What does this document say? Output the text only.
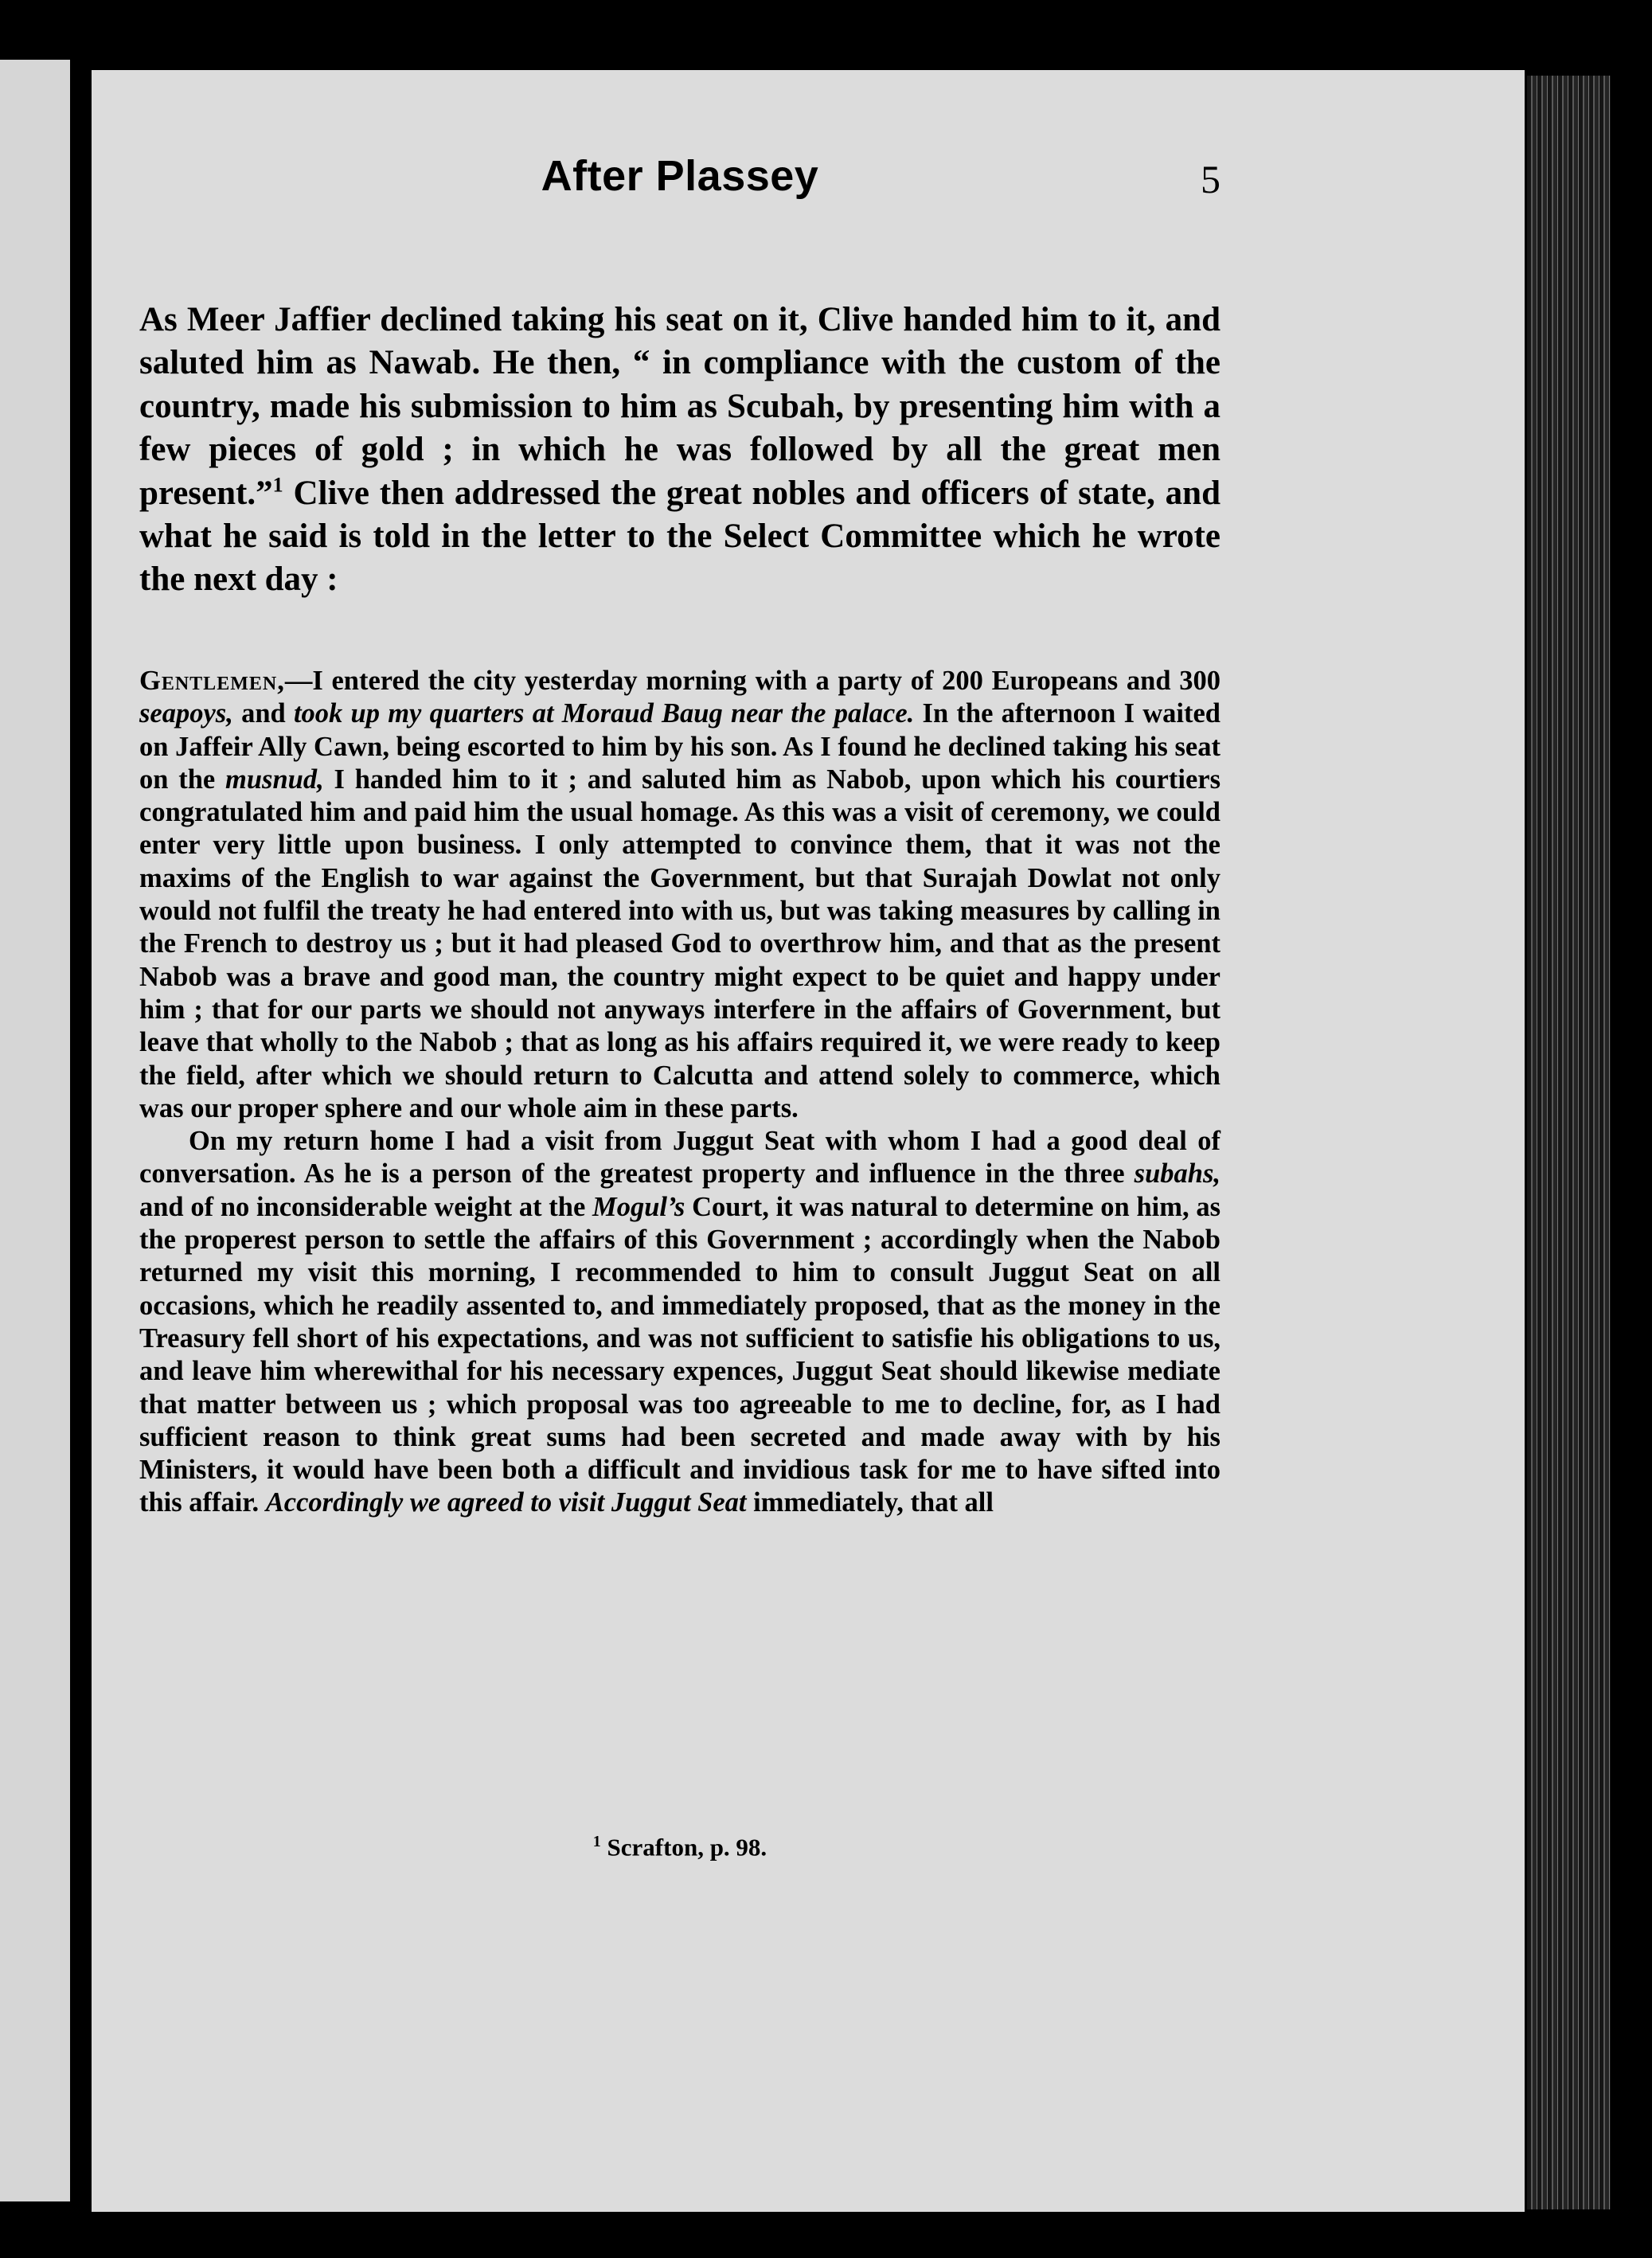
After Plassey	5

As Meer Jaffier declined taking his seat on it, Clive handed him to it, and saluted him as Nawab. He then, “ in compliance with the custom of the country, made his submission to him as Scubah, by presenting him with a few pieces of gold ; in which he was followed by all the great men present.”$^1$ Clive then addressed the great nobles and officers of state, and what he said is told in the letter to the Select Committee which he wrote the next day :

Gentlemen,—I entered the city yesterday morning with a party of 200 Europeans and 300 seapoys, and took up my quarters at Moraud Baug near the palace. In the afternoon I waited on Jaffeir Ally Cawn, being escorted to him by his son. As I found he declined taking his seat on the musnud, I handed him to it ; and saluted him as Nabob, upon which his courtiers congratulated him and paid him the usual homage. As this was a visit of ceremony, we could enter very little upon business. I only attempted to convince them, that it was not the maxims of the English to war against the Government, but that Surajah Dowlat not only would not fulfil the treaty he had entered into with us, but was taking measures by calling in the French to destroy us ; but it had pleased God to overthrow him, and that as the present Nabob was a brave and good man, the country might expect to be quiet and happy under him ; that for our parts we should not anyways interfere in the affairs of Government, but leave that wholly to the Nabob ; that as long as his affairs required it, we were ready to keep the field, after which we should return to Calcutta and attend solely to commerce, which was our proper sphere and our whole aim in these parts.

On my return home I had a visit from Juggut Seat with whom I had a good deal of conversation. As he is a person of the greatest property and influence in the three subahs, and of no inconsiderable weight at the Mogul’s Court, it was natural to determine on him, as the properest person to settle the affairs of this Government ; accordingly when the Nabob returned my visit this morning, I recommended to him to consult Juggut Seat on all occasions, which he readily assented to, and immediately proposed, that as the money in the Treasury fell short of his expectations, and was not sufficient to satisfie his obligations to us, and leave him wherewithal for his necessary expences, Juggut Seat should likewise mediate that matter between us ; which proposal was too agreeable to me to decline, for, as I had sufficient reason to think great sums had been secreted and made away with by his Ministers, it would have been both a difficult and invidious task for me to have sifted into this affair. Accordingly we agreed to visit Juggut Seat immediately, that all

$^1$ Scrafton, p. 98.
